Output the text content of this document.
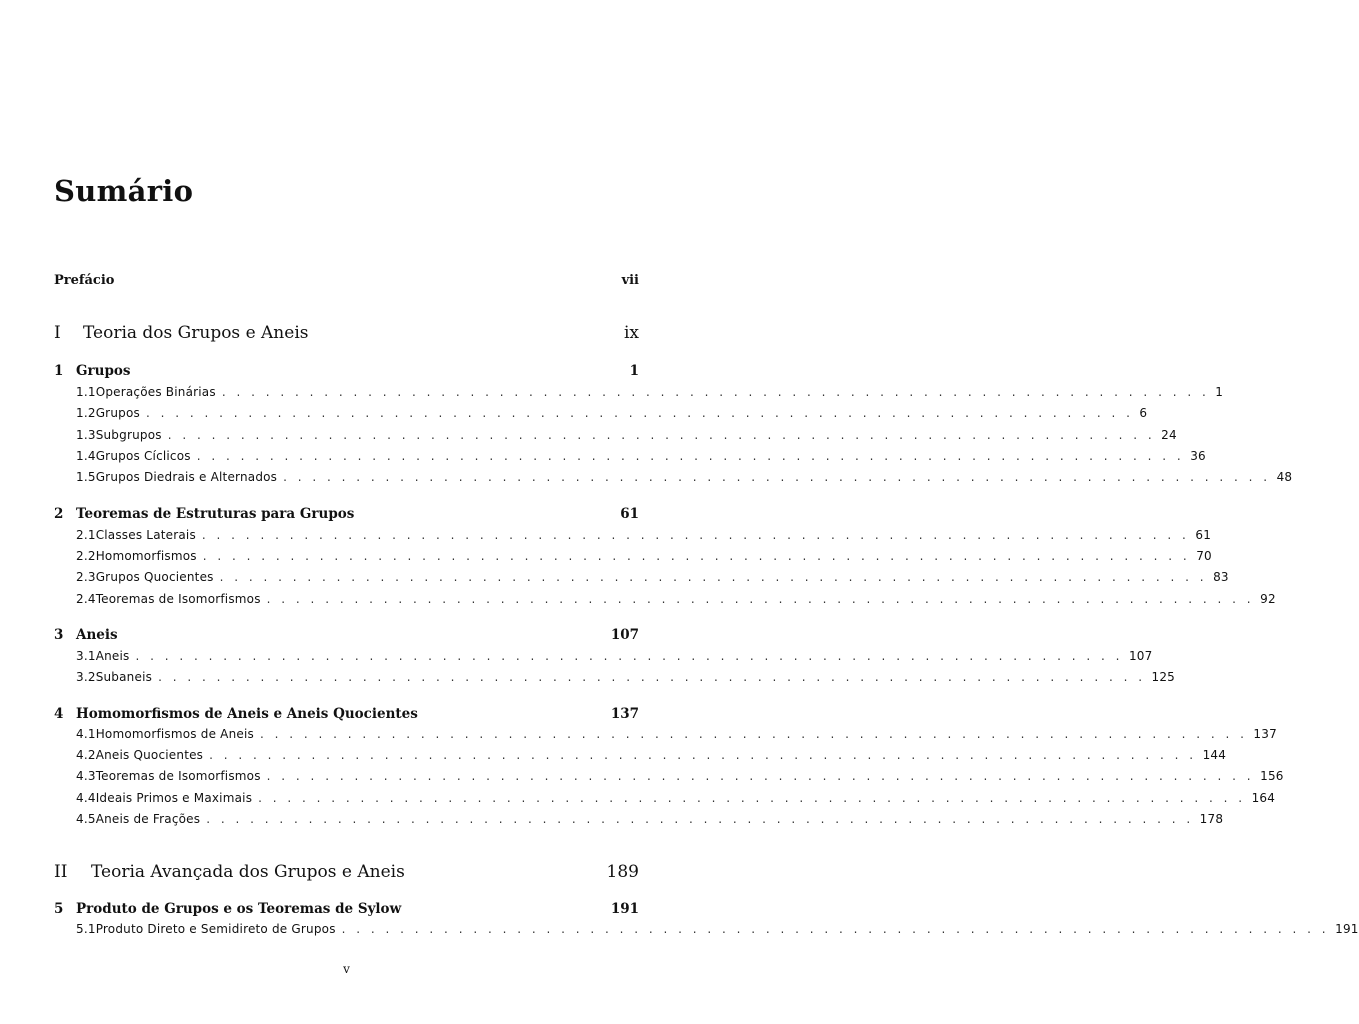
Sumário
Prefácio	vii
I	Teoria dos Grupos e Aneis	ix
1 Grupos	1
1.1 Operações Binárias . . . . . . . . . . . . . . . . . . . . . . . . . . . . . . . . . . . . . . . . . . . . . . . . . . . . . . . . . . . . . . . . . . . . 1
1.2 Grupos . . . . . . . . . . . . . . . . . . . . . . . . . . . . . . . . . . . . . . . . . . . . . . . . . . . . . . . . . . . . . . . . . . . . 6
1.3 Subgrupos . . . . . . . . . . . . . . . . . . . . . . . . . . . . . . . . . . . . . . . . . . . . . . . . . . . . . . . . . . . . . . . . . . . . 24
1.4 Grupos Cíclicos . . . . . . . . . . . . . . . . . . . . . . . . . . . . . . . . . . . . . . . . . . . . . . . . . . . . . . . . . . . . . . . . . . . . 36
1.5 Grupos Diedrais e Alternados . . . . . . . . . . . . . . . . . . . . . . . . . . . . . . . . . . . . . . . . . . . . . . . . . . . . . . . . . . . . . . . . . . . . 48
2 Teoremas de Estruturas para Grupos	61
2.1 Classes Laterais . . . . . . . . . . . . . . . . . . . . . . . . . . . . . . . . . . . . . . . . . . . . . . . . . . . . . . . . . . . . . . . . . . . . 61
2.2 Homomorfismos . . . . . . . . . . . . . . . . . . . . . . . . . . . . . . . . . . . . . . . . . . . . . . . . . . . . . . . . . . . . . . . . . . . . 70
2.3 Grupos Quocientes . . . . . . . . . . . . . . . . . . . . . . . . . . . . . . . . . . . . . . . . . . . . . . . . . . . . . . . . . . . . . . . . . . . . 83
2.4 Teoremas de Isomorfismos . . . . . . . . . . . . . . . . . . . . . . . . . . . . . . . . . . . . . . . . . . . . . . . . . . . . . . . . . . . . . . . . . . . . 92
3 Aneis	107
3.1 Aneis . . . . . . . . . . . . . . . . . . . . . . . . . . . . . . . . . . . . . . . . . . . . . . . . . . . . . . . . . . . . . . . . . . . . 107
3.2 Subaneis . . . . . . . . . . . . . . . . . . . . . . . . . . . . . . . . . . . . . . . . . . . . . . . . . . . . . . . . . . . . . . . . . . . . 125
4 Homomorfismos de Aneis e Aneis Quocientes	137
4.1 Homomorfismos de Aneis . . . . . . . . . . . . . . . . . . . . . . . . . . . . . . . . . . . . . . . . . . . . . . . . . . . . . . . . . . . . . . . . . . . . 137
4.2 Aneis Quocientes . . . . . . . . . . . . . . . . . . . . . . . . . . . . . . . . . . . . . . . . . . . . . . . . . . . . . . . . . . . . . . . . . . . . 144
4.3 Teoremas de Isomorfismos . . . . . . . . . . . . . . . . . . . . . . . . . . . . . . . . . . . . . . . . . . . . . . . . . . . . . . . . . . . . . . . . . . . . 156
4.4 Ideais Primos e Maximais . . . . . . . . . . . . . . . . . . . . . . . . . . . . . . . . . . . . . . . . . . . . . . . . . . . . . . . . . . . . . . . . . . . . 164
4.5 Aneis de Frações . . . . . . . . . . . . . . . . . . . . . . . . . . . . . . . . . . . . . . . . . . . . . . . . . . . . . . . . . . . . . . . . . . . . 178
II	Teoria Avançada dos Grupos e Aneis	189
5 Produto de Grupos e os Teoremas de Sylow	191
5.1 Produto Direto e Semidireto de Grupos . . . . . . . . . . . . . . . . . . . . . . . . . . . . . . . . . . . . . . . . . . . . . . . . . . . . . . . . . . . . . . . . . . . . 191
v
